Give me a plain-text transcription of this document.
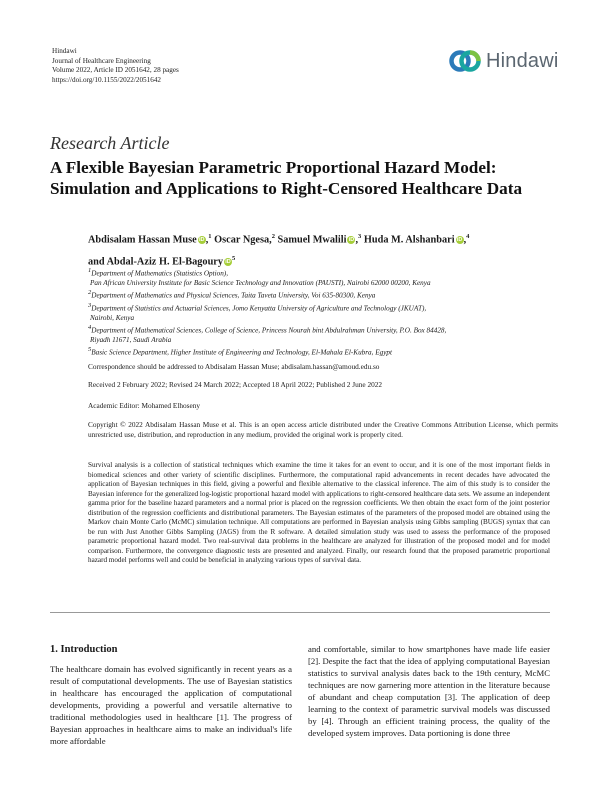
Hindawi
Journal of Healthcare Engineering
Volume 2022, Article ID 2051642, 28 pages
https://doi.org/10.1155/2022/2051642
Hindawi
Research Article
A Flexible Bayesian Parametric Proportional Hazard Model:
Simulation and Applications to Right-Censored Healthcare Data
Abdisalam Hassan Muse iD,$^1$ Oscar Ngesa,$^2$ Samuel Mwalili iD,$^3$ Huda M. Alshanbari iD,$^4$
and Abdal-Aziz H. El-Bagoury $iD^5$
$^1$Department of Mathematics (Statistics Option),
Pan African University Institute for Basic Science Technology and Innovation (PAUSTI), Nairobi 62000 00200, Kenya
$^2$Department of Mathematics and Physical Sciences, Taita Taveta University, Voi 635-80300, Kenya
$^3$Department of Statistics and Actuarial Sciences, Jomo Kenyatta University of Agriculture and Technology (JKUAT),
Nairobi, Kenya
$^4$Department of Mathematical Sciences, College of Science, Princess Nourah bint Abdulrahman University, P.O. Box 84428,
Riyadh 11671, Saudi Arabia
$^5$Basic Science Department, Higher Institute of Engineering and Technology, El-Mahala El-Kubra, Egypt
Correspondence should be addressed to Abdisalam Hassan Muse; abdisalam.hassan@amoud.edu.so
Received 2 February 2022; Revised 24 March 2022; Accepted 18 April 2022; Published 2 June 2022
Academic Editor: Mohamed Elhoseny
Copyright © 2022 Abdisalam Hassan Muse et al. This is an open access article distributed under the Creative Commons Attribution License, which permits unrestricted use, distribution, and reproduction in any medium, provided the original work is properly cited.
Survival analysis is a collection of statistical techniques which examine the time it takes for an event to occur, and it is one of the most important fields in biomedical sciences and other variety of scientific disciplines. Furthermore, the computational rapid advancements in recent decades have advocated the application of Bayesian techniques in this field, giving a powerful and flexible alternative to the classical inference. The aim of this study is to consider the Bayesian inference for the generalized log-logistic proportional hazard model with applications to right-censored healthcare data sets. We assume an independent gamma prior for the baseline hazard parameters and a normal prior is placed on the regression coefficients. We then obtain the exact form of the joint posterior distribution of the regression coefficients and distributional parameters. The Bayesian estimates of the parameters of the proposed model are obtained using the Markov chain Monte Carlo (McMC) simulation technique. All computations are performed in Bayesian analysis using Gibbs sampling (BUGS) syntax that can be run with Just Another Gibbs Sampling (JAGS) from the R software. A detailed simulation study was used to assess the performance of the proposed parametric proportional hazard model. Two real-survival data problems in the healthcare are analyzed for illustration of the proposed model and for model comparison. Furthermore, the convergence diagnostic tests are presented and analyzed. Finally, our research found that the proposed parametric proportional hazard model performs well and could be beneficial in analyzing various types of survival data.
1. Introduction
The healthcare domain has evolved significantly in recent years as a result of computational developments. The use of Bayesian statistics in healthcare has encouraged the application of computational developments, providing a powerful and versatile alternative to traditional methodologies used in healthcare [1]. The progress of Bayesian approaches in healthcare aims to make an individual's life more affordable
and comfortable, similar to how smartphones have made life easier [2]. Despite the fact that the idea of applying computational Bayesian statistics to survival analysis dates back to the 19th century, McMC techniques are now garnering more attention in the literature because of abundant and cheap computation [3]. The application of deep learning to the context of parametric survival models was discussed by [4]. Through an efficient training process, the quality of the developed system improves. Data portioning is done three
